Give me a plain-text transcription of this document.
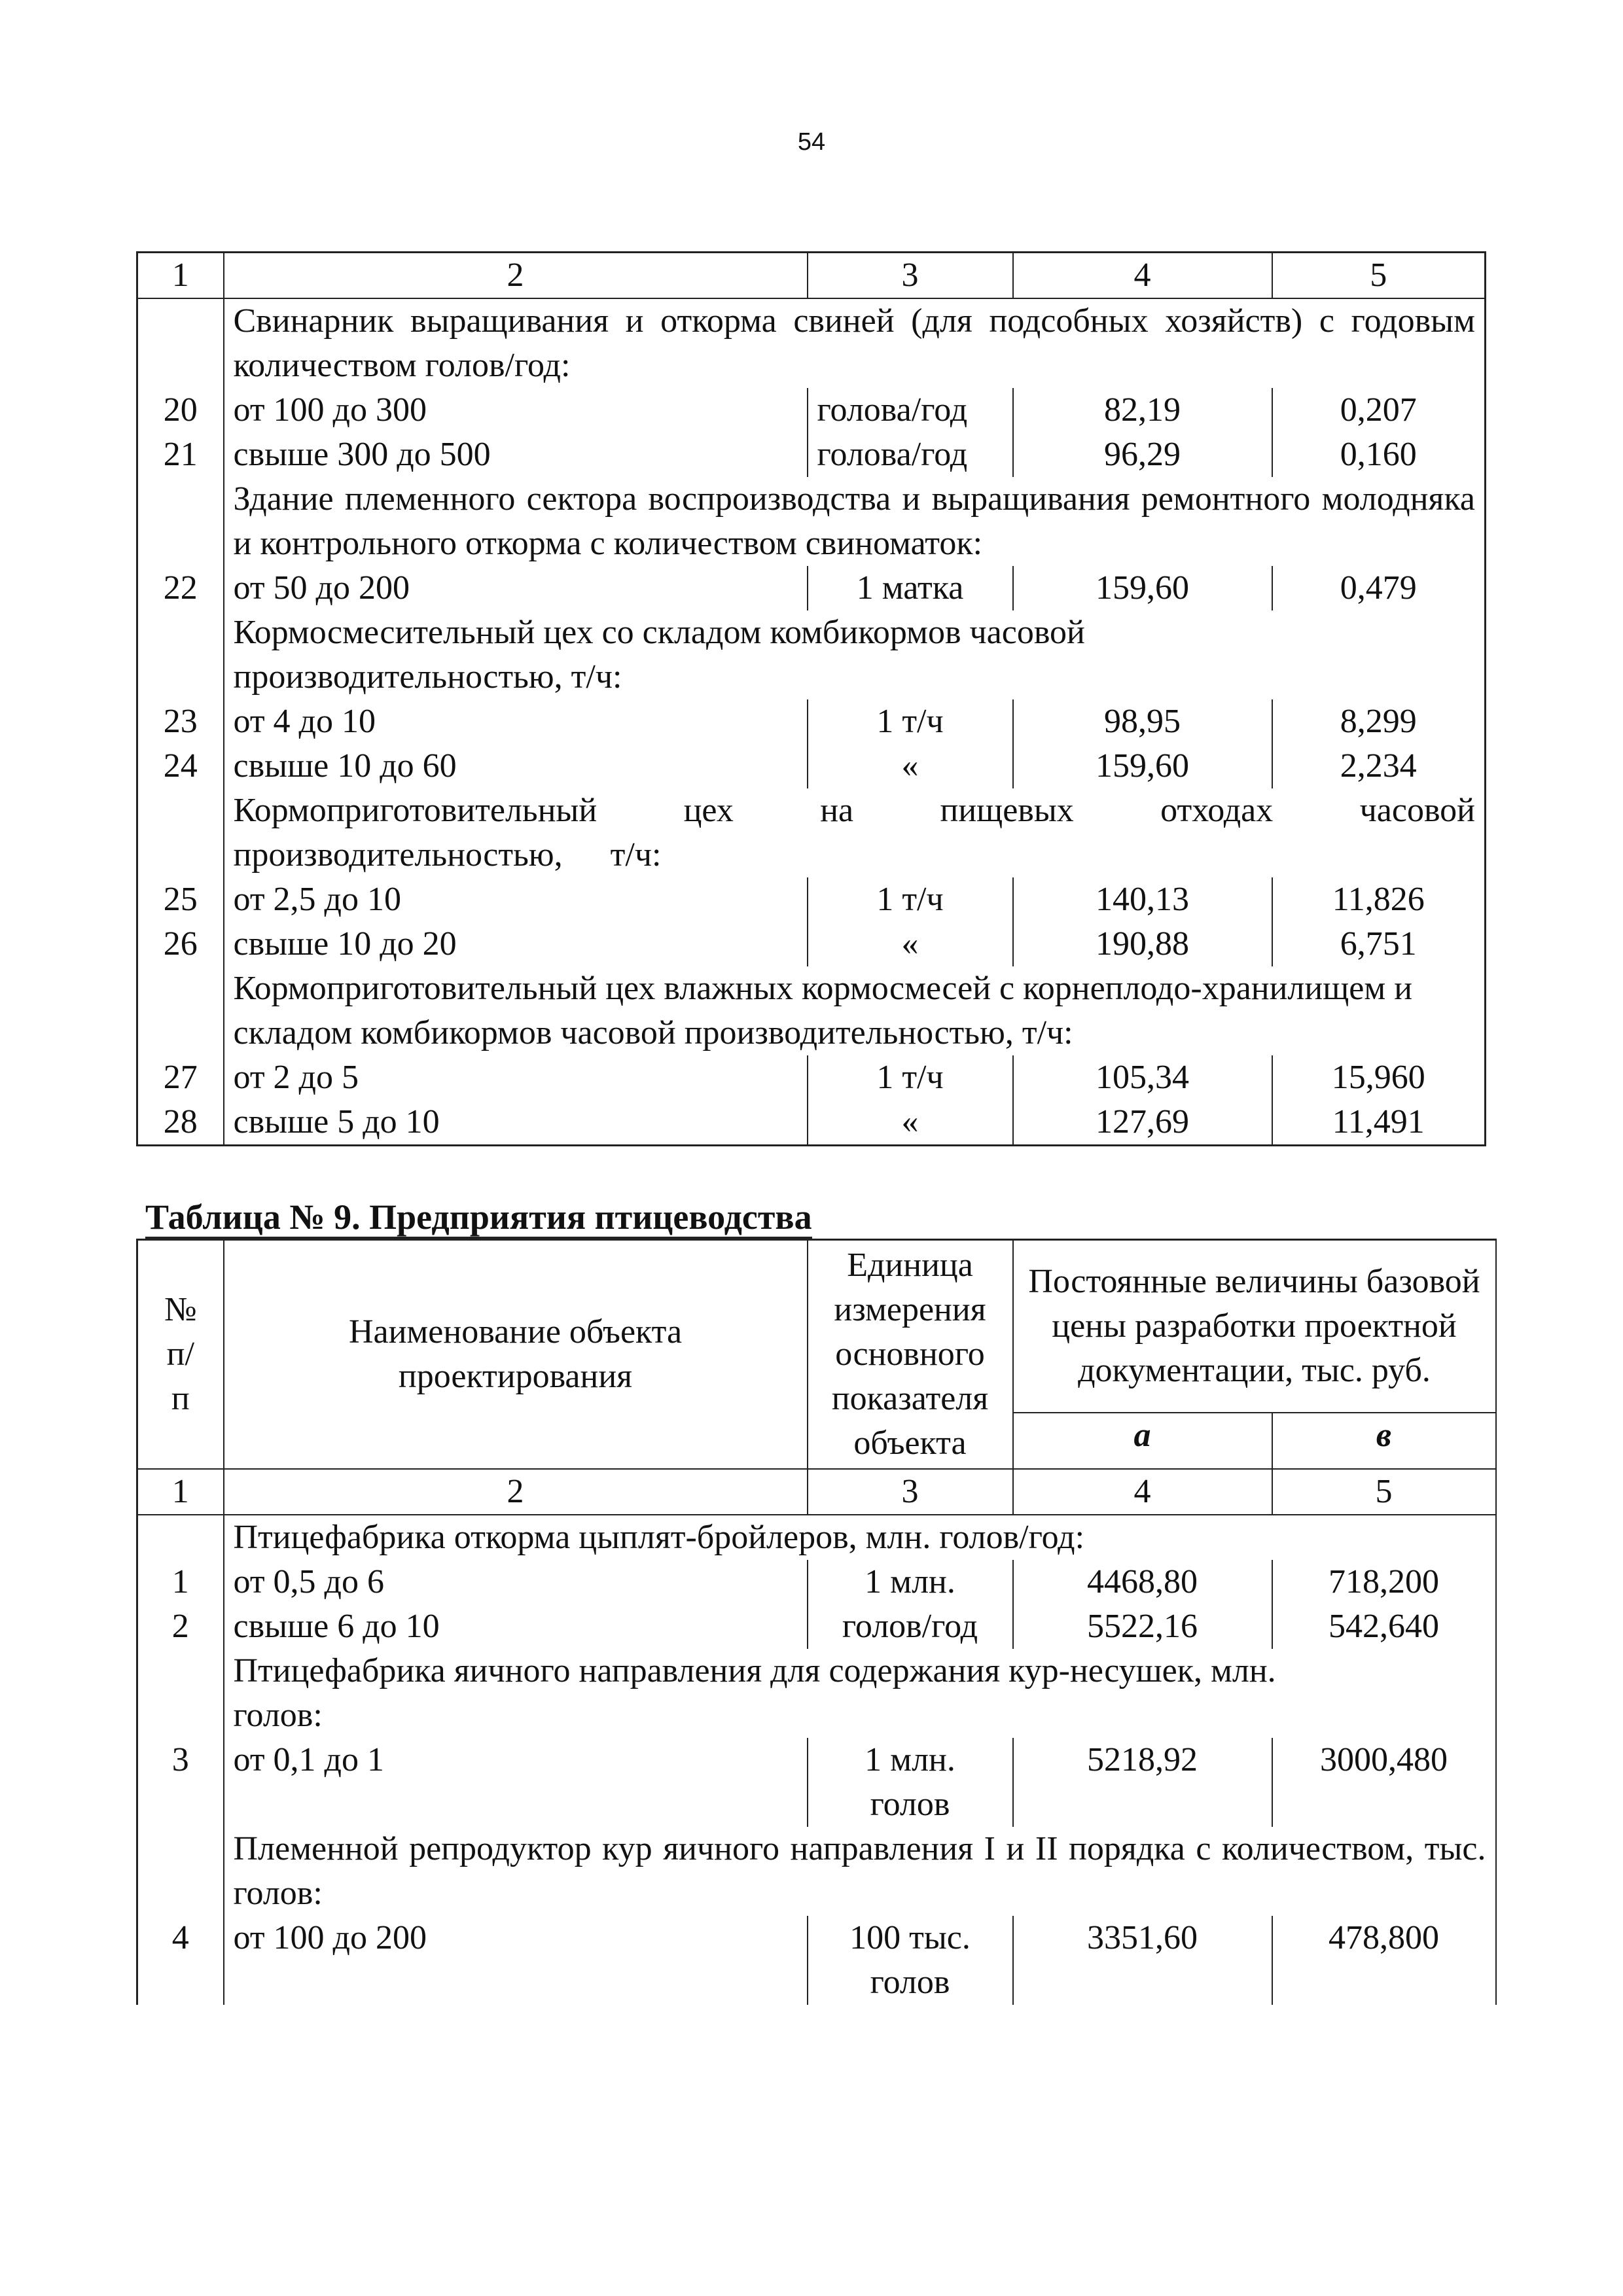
54
1	2	3	4	5
	Свинарник выращивания и откорма свиней (для подсобных хозяйств) с годовым количеством голов/год:			
20	от 100 до 300	голова/год	82,19	0,207
21	свыше 300 до 500	голова/год	96,29	0,160
	Здание племенного сектора воспроизводства и выращивания ремонтного молодняка и контрольного откорма с количеством свиноматок:			
22	от 50 до 200	1 матка	159,60	0,479
	Кормосмесительный цех со складом комбикормов часовой производительностью, т/ч:			
23	от 4 до 10	1 т/ч	98,95	8,299
24	свыше 10 до 60	«	159,60	2,234
	Кормоприготовительный цех на пищевых отходах часовой производительностью, т/ч:			
25	от 2,5 до 10	1 т/ч	140,13	11,826
26	свыше 10 до 20	«	190,88	6,751
	Кормоприготовительный цех влажных кормосмесей с корнеплодо-хранилищем и складом комбикормов часовой производительностью, т/ч:			
27	от 2 до 5	1 т/ч	105,34	15,960
28	свыше 5 до 10	«	127,69	11,491
Таблица № 9. Предприятия птицеводства
№ п/п	Наименование объекта проектирования	Единица измерения основного показателя объекта	Постоянные величины базовой цены разработки проектной документации, тыс. руб.	
			а	в
1	2	3	4	5
	Птицефабрика откорма цыплят-бройлеров, млн. голов/год:			
1	от 0,5 до 6	1 млн.	4468,80	718,200
2	свыше 6 до 10	голов/год	5522,16	542,640
	Птицефабрика яичного направления для содержания кур-несушек, млн. голов:			
3	от 0,1 до 1	1 млн. голов	5218,92	3000,480
	Племенной репродуктор кур яичного направления I и II порядка с количеством, тыс. голов:			
4	от 100 до 200	100 тыс. голов	3351,60	478,800
